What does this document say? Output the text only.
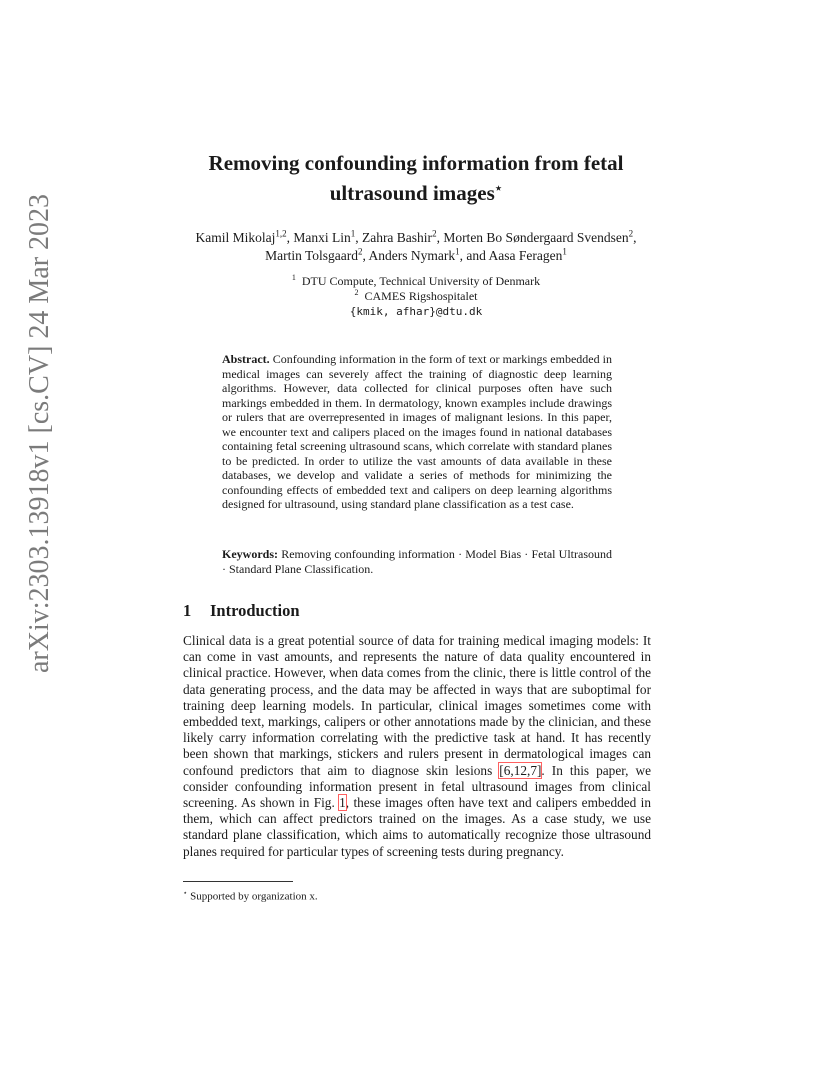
arXiv:2303.13918v1 [cs.CV] 24 Mar 2023
Removing confounding information from fetal
ultrasound images⋆
Kamil Mikolaj$^{1,2}$, Manxi Lin$^1$, Zahra Bashir$^2$, Morten Bo Søndergaard Svendsen$^2$, Martin Tolsgaard$^2$, Anders Nymark$^1$, and Aasa Feragen$^1$
$^1$ DTU Compute, Technical University of Denmark
$^2$ CAMES Rigshospitalet
{kmik, afhar}@dtu.dk
Abstract. Confounding information in the form of text or markings embedded in medical images can severely affect the training of diagnostic deep learning algorithms. However, data collected for clinical purposes often have such markings embedded in them. In dermatology, known examples include drawings or rulers that are overrepresented in images of malignant lesions. In this paper, we encounter text and calipers placed on the images found in national databases containing fetal screening ultrasound scans, which correlate with standard planes to be predicted. In order to utilize the vast amounts of data available in these databases, we develop and validate a series of methods for minimizing the confounding effects of embedded text and calipers on deep learning algorithms designed for ultrasound, using standard plane classification as a test case.
Keywords: Removing confounding information · Model Bias · Fetal Ultrasound · Standard Plane Classification.
1 Introduction
Clinical data is a great potential source of data for training medical imaging models: It can come in vast amounts, and represents the nature of data quality encountered in clinical practice. However, when data comes from the clinic, there is little control of the data generating process, and the data may be affected in ways that are suboptimal for training deep learning models. In particular, clinical images sometimes come with embedded text, markings, calipers or other annotations made by the clinician, and these likely carry information correlating with the predictive task at hand. It has recently been shown that markings, stickers and rulers present in dermatological images can confound predictors that aim to diagnose skin lesions [6,12,7]. In this paper, we consider confounding information present in fetal ultrasound images from clinical screening. As shown in Fig. 1, these images often have text and calipers embedded in them, which can affect predictors trained on the images. As a case study, we use standard plane classification, which aims to automatically recognize those ultrasound planes required for particular types of screening tests during pregnancy.
⋆ Supported by organization x.
